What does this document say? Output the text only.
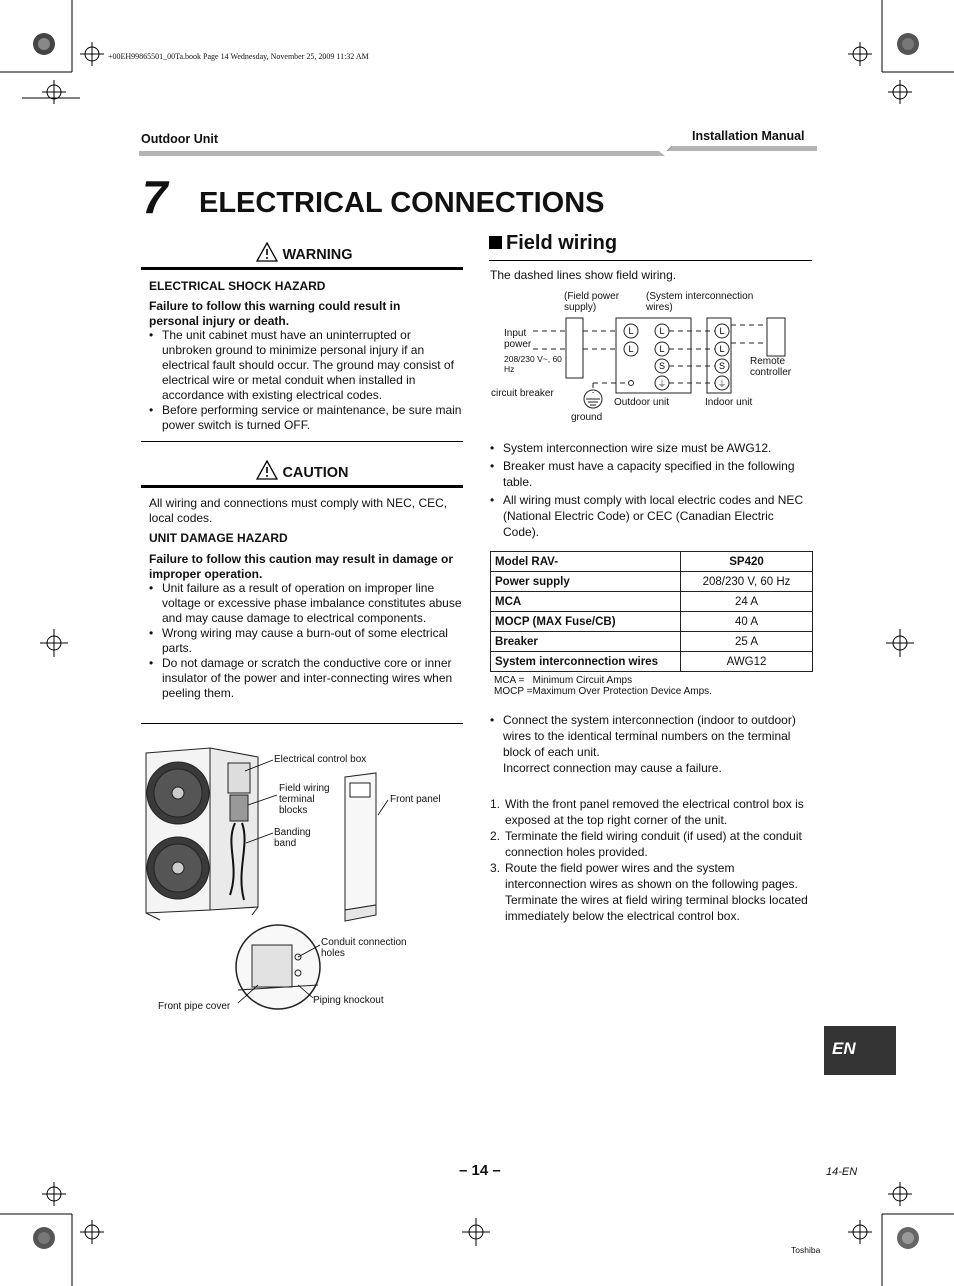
+00EH99865501_00Ta.book Page 14 Wednesday, November 25, 2009 11:32 AM
Outdoor Unit	Installation Manual
7 ELECTRICAL CONNECTIONS
WARNING
ELECTRICAL SHOCK HAZARD
Failure to follow this warning could result in personal injury or death.
• The unit cabinet must have an uninterrupted or unbroken ground to minimize personal injury if an electrical fault should occur. The ground may consist of electrical wire or metal conduit when installed in accordance with existing electrical codes.
• Before performing service or maintenance, be sure main power switch is turned OFF.
CAUTION
All wiring and connections must comply with NEC, CEC, local codes.
UNIT DAMAGE HAZARD
Failure to follow this caution may result in damage or improper operation.
• Unit failure as a result of operation on improper line voltage or excessive phase imbalance constitutes abuse and may cause damage to electrical components.
• Wrong wiring may cause a burn-out of some electrical parts.
• Do not damage or scratch the conductive core or inner insulator of the power and inter-connecting wires when peeling them.
Electrical control box
Field wiring terminal blocks
Banding band
Front panel
Conduit connection holes
Piping knockout
Front pipe cover
Field wiring
The dashed lines show field wiring.
L
L
L
L
S
⏚
L
L
S
⏚
(Field power supply)
(System interconnection wires)
Input power
208/230 V~, 60 Hz
circuit breaker
ground
Outdoor unit	Indoor unit
Remote controller
• System interconnection wire size must be AWG12.
• Breaker must have a capacity specified in the following table.
• All wiring must comply with local electric codes and NEC (National Electric Code) or CEC (Canadian Electric Code).
Model RAV-	SP420
Power supply	208/230 V, 60 Hz
MCA	24 A
MOCP (MAX Fuse/CB)	40 A
Breaker	25 A
System interconnection wires	AWG12
MCA =   Minimum Circuit Amps
MOCP =Maximum Over Protection Device Amps.
• Connect the system interconnection (indoor to outdoor) wires to the identical terminal numbers on the terminal block of each unit.
Incorrect connection may cause a failure.
1. With the front panel removed the electrical control box is exposed at the top right corner of the unit.
2. Terminate the field wiring conduit (if used) at the conduit connection holes provided.
3. Route the field power wires and the system interconnection wires as shown on the following pages. Terminate the wires at field wiring terminal blocks located immediately below the electrical control box.
EN
– 14 –	14-EN
Toshiba
